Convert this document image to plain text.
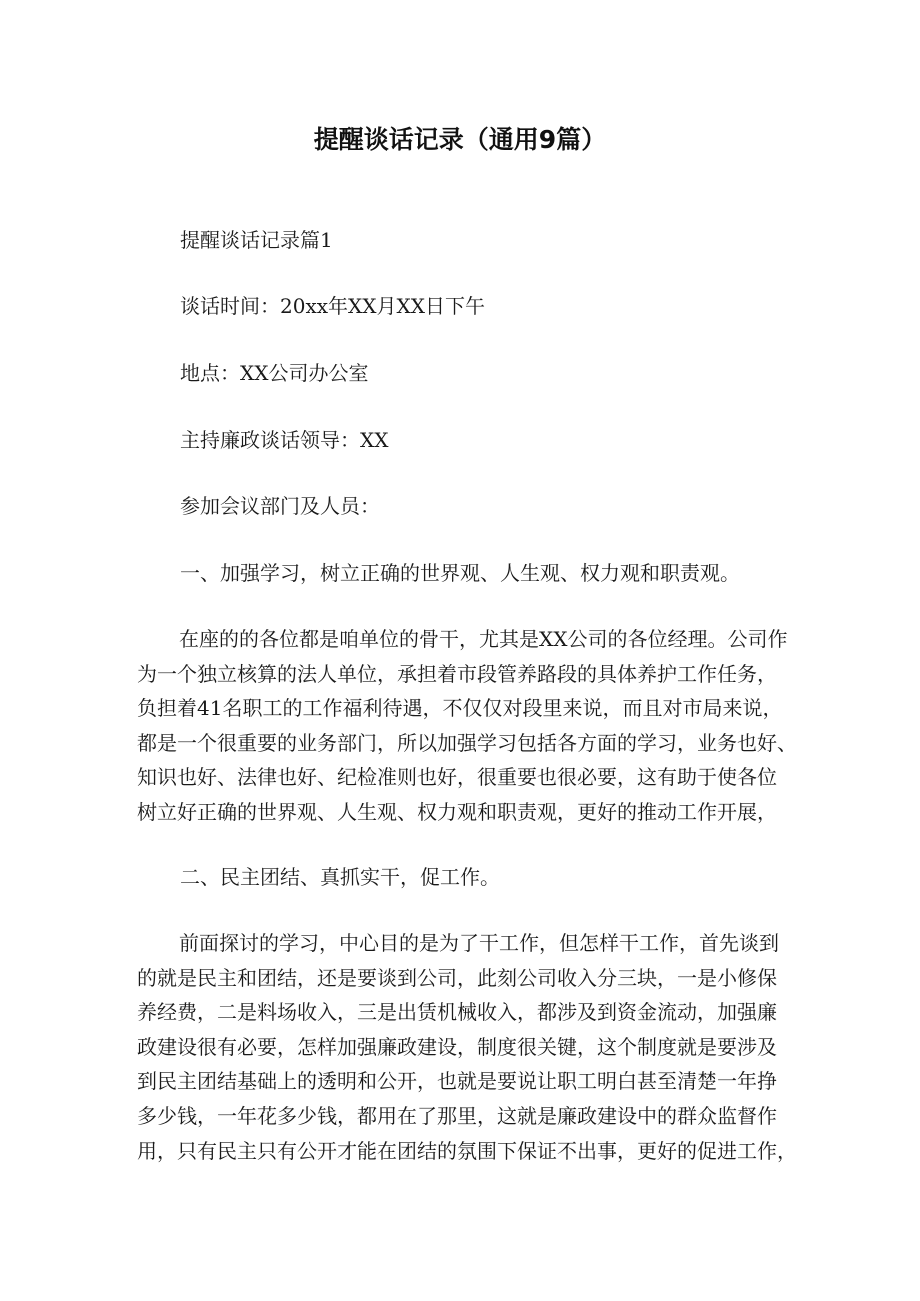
提醒谈话记录（通用9篇）
提醒谈话记录篇1
谈话时间：20xx年XX月XX日下午
地点：XX公司办公室
主持廉政谈话领导：XX
参加会议部门及人员：
一、加强学习，树立正确的世界观、人生观、权力观和职责观。
在座的的各位都是咱单位的骨干，尤其是XX公司的各位经理。公司作
为一个独立核算的法人单位，承担着市段管养路段的具体养护工作任务，
负担着41名职工的工作福利待遇，不仅仅对段里来说，而且对市局来说，
都是一个很重要的业务部门，所以加强学习包括各方面的学习，业务也好、
知识也好、法律也好、纪检准则也好，很重要也很必要，这有助于使各位
树立好正确的世界观、人生观、权力观和职责观，更好的推动工作开展，
二、民主团结、真抓实干，促工作。
前面探讨的学习，中心目的是为了干工作，但怎样干工作，首先谈到
的就是民主和团结，还是要谈到公司，此刻公司收入分三块，一是小修保
养经费，二是料场收入，三是出赁机械收入，都涉及到资金流动，加强廉
政建设很有必要，怎样加强廉政建设，制度很关键，这个制度就是要涉及
到民主团结基础上的透明和公开，也就是要说让职工明白甚至清楚一年挣
多少钱，一年花多少钱，都用在了那里，这就是廉政建设中的群众监督作
用，只有民主只有公开才能在团结的氛围下保证不出事，更好的促进工作，
